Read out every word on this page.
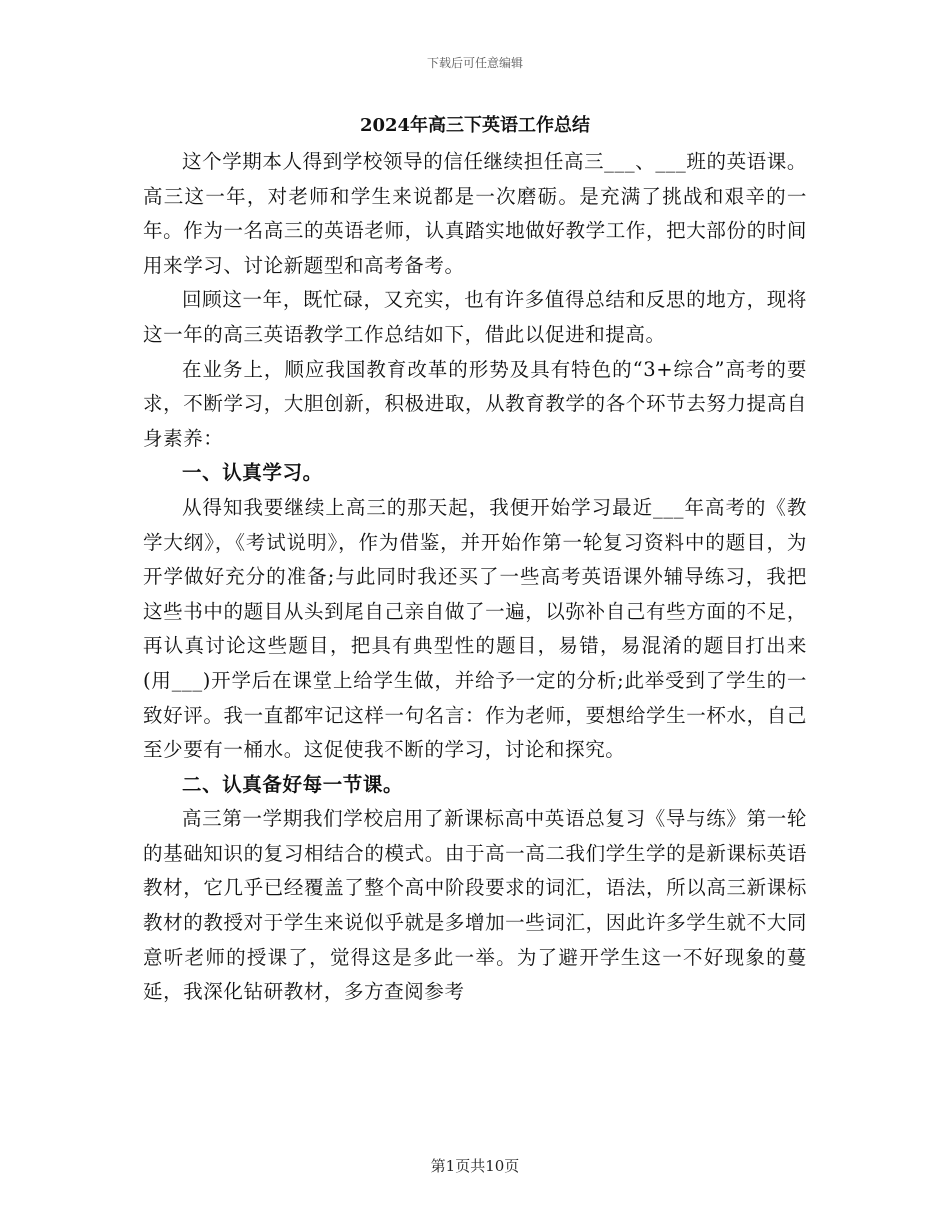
下载后可任意编辑
2024年高三下英语工作总结

这个学期本人得到学校领导的信任继续担任高三___、___班的英语课。高三这一年，对老师和学生来说都是一次磨砺。是充满了挑战和艰辛的一年。作为一名高三的英语老师，认真踏实地做好教学工作，把大部份的时间用来学习、讨论新题型和高考备考。

回顾这一年，既忙碌，又充实，也有许多值得总结和反思的地方，现将这一年的高三英语教学工作总结如下，借此以促进和提高。

在业务上，顺应我国教育改革的形势及具有特色的“3+综合”高考的要求，不断学习，大胆创新，积极进取，从教育教学的各个环节去努力提高自身素养：

一、认真学习。

从得知我要继续上高三的那天起，我便开始学习最近___年高考的《教学大纲》，《考试说明》，作为借鉴，并开始作第一轮复习资料中的题目，为开学做好充分的准备;与此同时我还买了一些高考英语课外辅导练习，我把这些书中的题目从头到尾自己亲自做了一遍，以弥补自己有些方面的不足，再认真讨论这些题目，把具有典型性的题目，易错，易混淆的题目打出来(用___)开学后在课堂上给学生做，并给予一定的分析;此举受到了学生的一致好评。我一直都牢记这样一句名言：作为老师，要想给学生一杯水，自己至少要有一桶水。这促使我不断的学习，讨论和探究。

二、认真备好每一节课。

高三第一学期我们学校启用了新课标高中英语总复习《导与练》第一轮的基础知识的复习相结合的模式。由于高一高二我们学生学的是新课标英语教材，它几乎已经覆盖了整个高中阶段要求的词汇，语法，所以高三新课标教材的教授对于学生来说似乎就是多增加一些词汇，因此许多学生就不大同意听老师的授课了，觉得这是多此一举。为了避开学生这一不好现象的蔓延，我深化钻研教材，多方查阅参考

第1页共10页
